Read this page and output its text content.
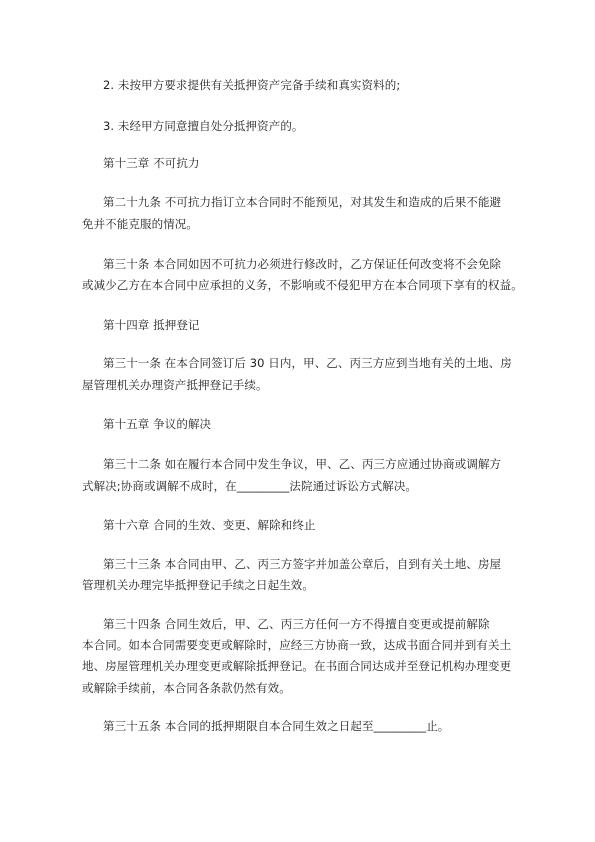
2. 未按甲方要求提供有关抵押资产完备手续和真实资料的;
3. 未经甲方同意擅自处分抵押资产的。
第十三章 不可抗力
第二十九条 不可抗力指订立本合同时不能预见，对其发生和造成的后果不能避
免并不能克服的情况。
第三十条 本合同如因不可抗力必须进行修改时，乙方保证任何改变将不会免除
或减少乙方在本合同中应承担的义务，不影响或不侵犯甲方在本合同项下享有的权益。
第十四章 抵押登记
第三十一条 在本合同签订后 30 日内，甲、乙、丙三方应到当地有关的土地、房
屋管理机关办理资产抵押登记手续。
第十五章 争议的解决
第三十二条 如在履行本合同中发生争议，甲、乙、丙三方应通过协商或调解方
式解决;协商或调解不成时，在_________法院通过诉讼方式解决。
第十六章 合同的生效、变更、解除和终止
第三十三条 本合同由甲、乙、丙三方签字并加盖公章后，自到有关土地、房屋
管理机关办理完毕抵押登记手续之日起生效。
第三十四条 合同生效后，甲、乙、丙三方任何一方不得擅自变更或提前解除
本合同。如本合同需要变更或解除时，应经三方协商一致，达成书面合同并到有关土
地、房屋管理机关办理变更或解除抵押登记。在书面合同达成并至登记机构办理变更
或解除手续前，本合同各条款仍然有效。
第三十五条 本合同的抵押期限自本合同生效之日起至_________止。
